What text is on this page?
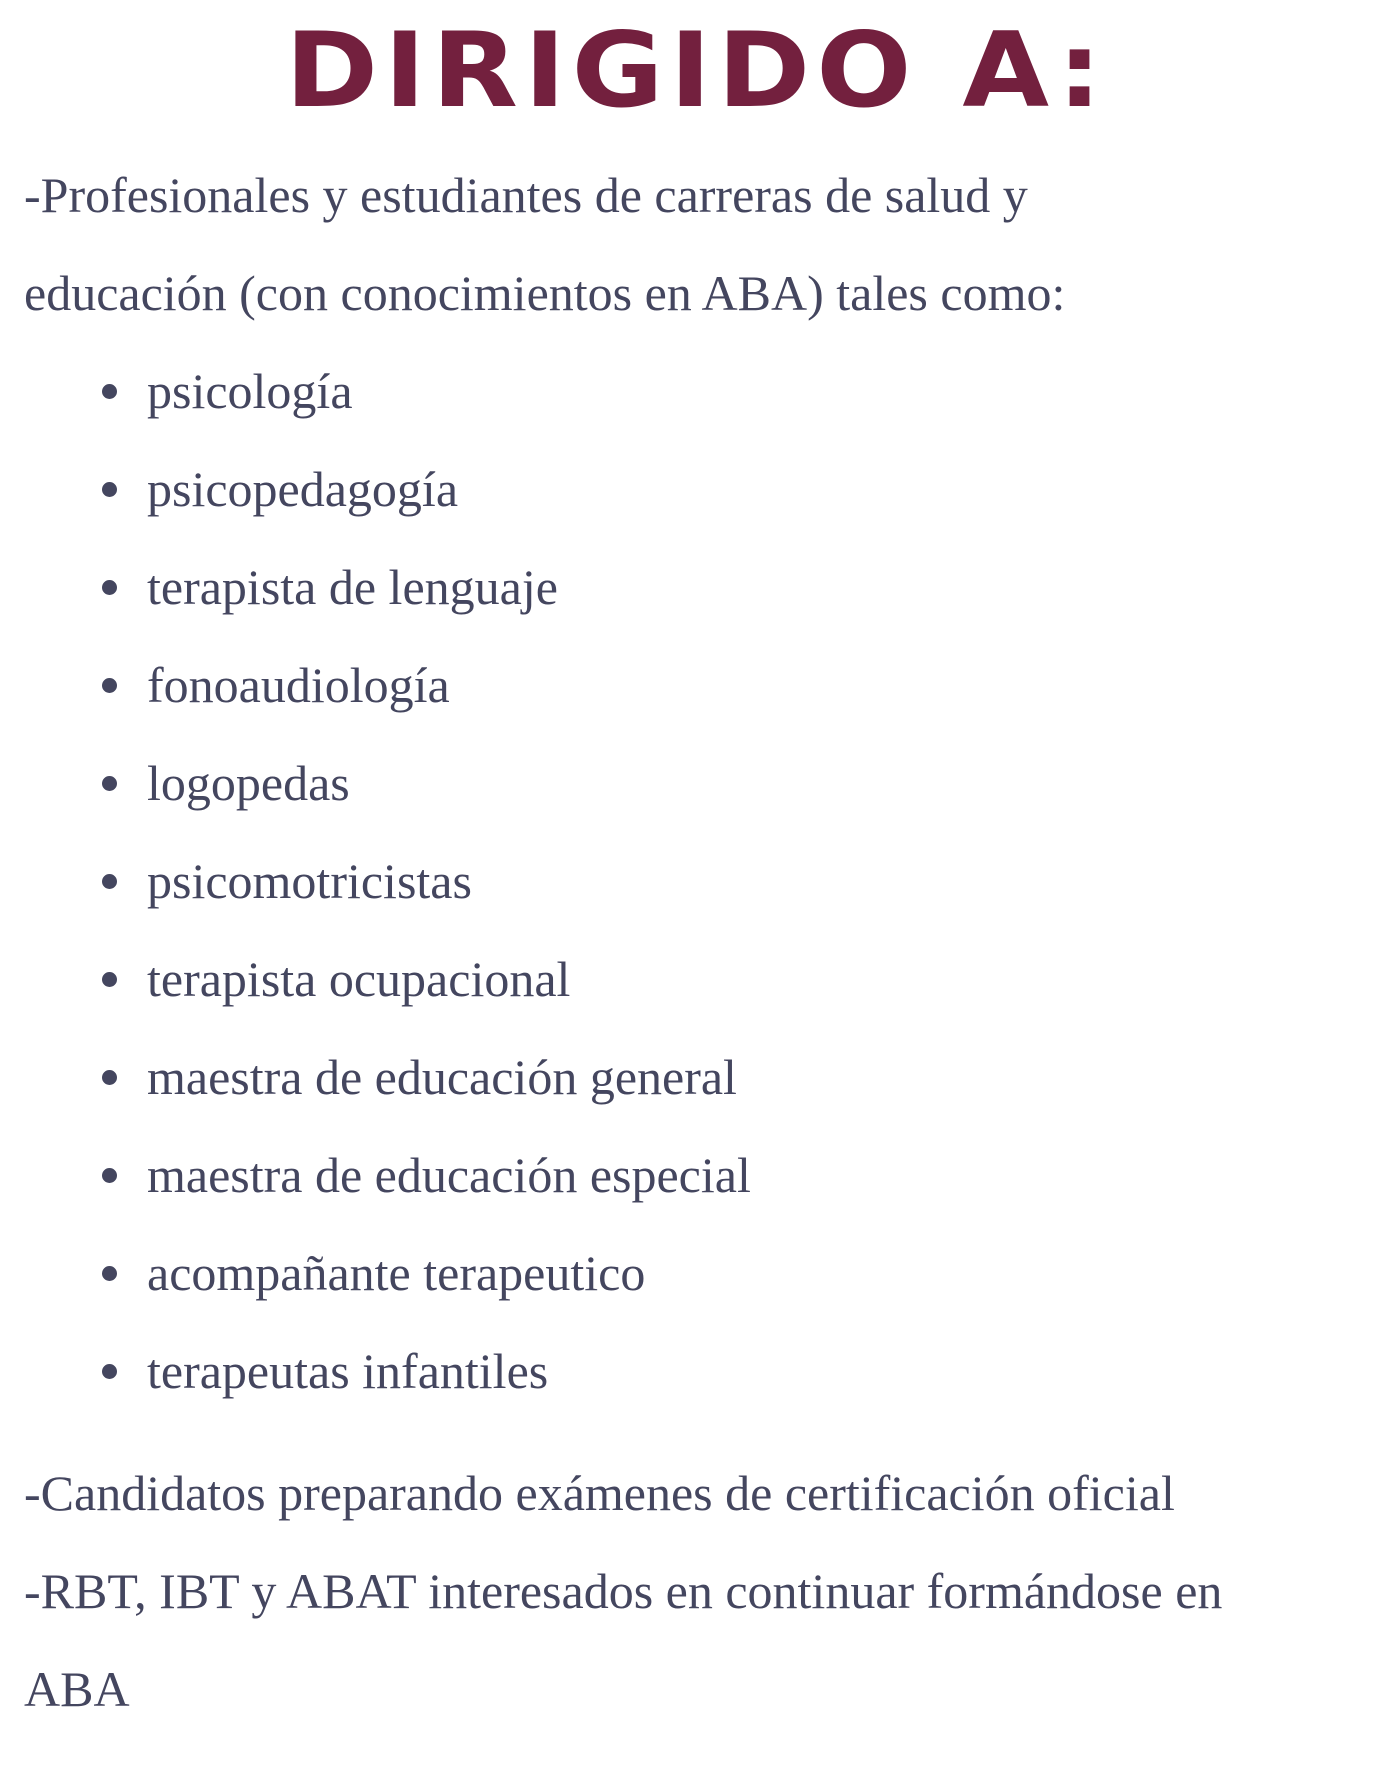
DIRIGIDO A:

-Profesionales y estudiantes de carreras de salud y

educación (con conocimientos en ABA) tales como:

psicología
psicopedagogía
terapista de lenguaje
fonoaudiología
logopedas
psicomotricistas
terapista ocupacional
maestra de educación general
maestra de educación especial
acompañante terapeutico
terapeutas infantiles

-Candidatos preparando exámenes de certificación oficial

-RBT, IBT y ABAT interesados en continuar formándose en

ABA
